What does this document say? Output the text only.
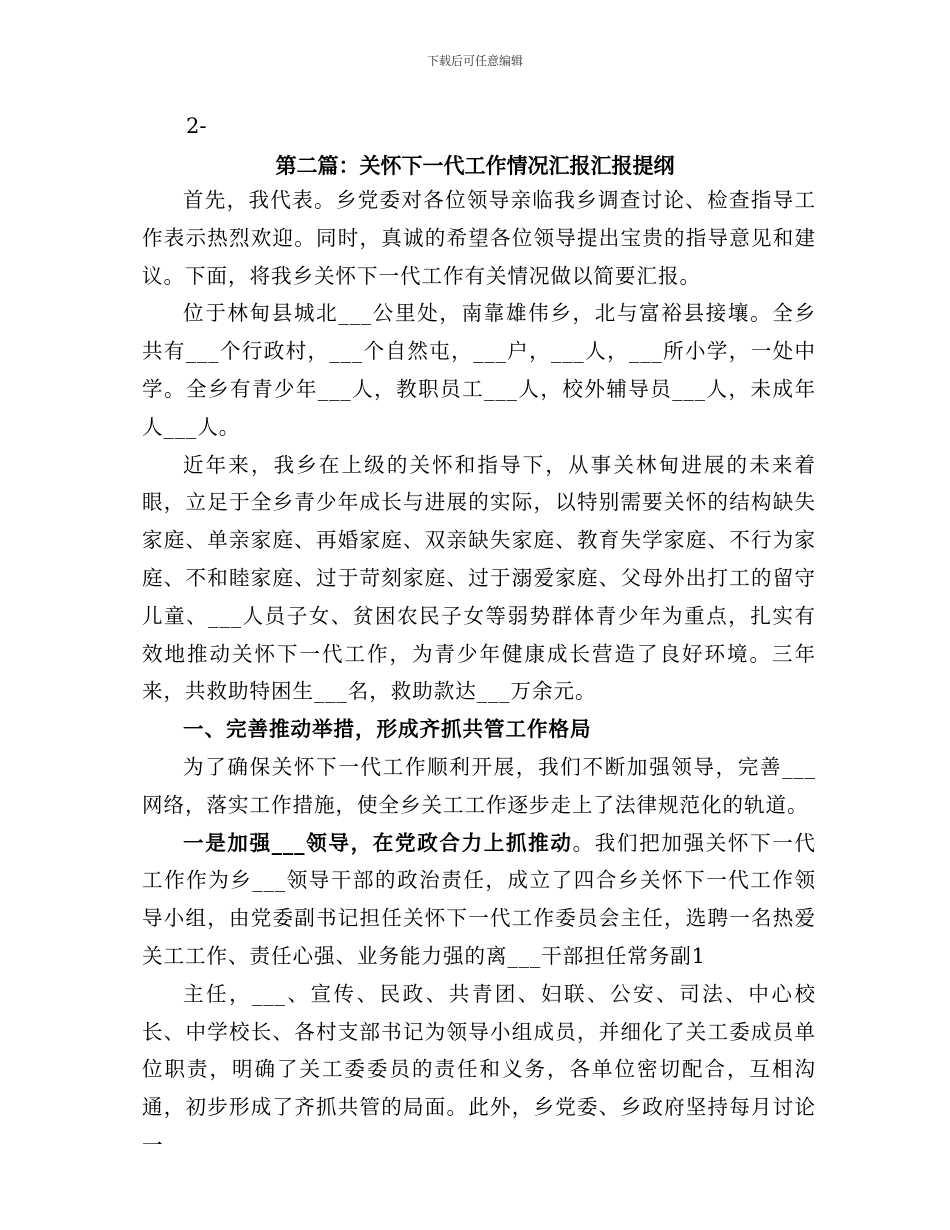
下载后可任意编辑
2-
第二篇：关怀下一代工作情况汇报汇报提纲

首先，我代表。乡党委对各位领导亲临我乡调查讨论、检查指导工作表示热烈欢迎。同时，真诚的希望各位领导提出宝贵的指导意见和建议。下面，将我乡关怀下一代工作有关情况做以简要汇报。

位于林甸县城北___公里处，南靠雄伟乡，北与富裕县接壤。全乡共有___个行政村，___个自然屯，___户，___人，___所小学，一处中学。全乡有青少年___人，教职员工___人，校外辅导员___人，未成年人___人。

近年来，我乡在上级的关怀和指导下，从事关林甸进展的未来着眼，立足于全乡青少年成长与进展的实际，以特别需要关怀的结构缺失家庭、单亲家庭、再婚家庭、双亲缺失家庭、教育失学家庭、不行为家庭、不和睦家庭、过于苛刻家庭、过于溺爱家庭、父母外出打工的留守儿童、___人员子女、贫困农民子女等弱势群体青少年为重点，扎实有效地推动关怀下一代工作，为青少年健康成长营造了良好环境。三年来，共救助特困生___名，救助款达___万余元。

一、完善推动举措，形成齐抓共管工作格局

为了确保关怀下一代工作顺利开展，我们不断加强领导，完善___网络，落实工作措施，使全乡关工工作逐步走上了法律规范化的轨道。

一是加强___领导，在党政合力上抓推动。我们把加强关怀下一代工作作为乡___领导干部的政治责任，成立了四合乡关怀下一代工作领导小组，由党委副书记担任关怀下一代工作委员会主任，选聘一名热爱关工工作、责任心强、业务能力强的离___干部担任常务副1

主任，___、宣传、民政、共青团、妇联、公安、司法、中心校长、中学校长、各村支部书记为领导小组成员，并细化了关工委成员单位职责，明确了关工委委员的责任和义务，各单位密切配合，互相沟通，初步形成了齐抓共管的局面。此外，乡党委、乡政府坚持每月讨论一
